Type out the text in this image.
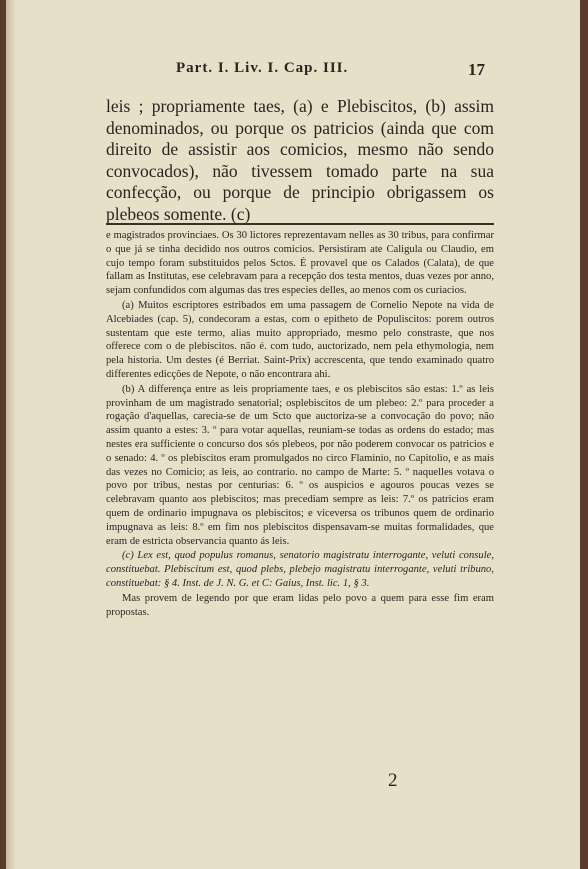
Part. I. Liv. I. Cap. III.	17

leis ; propriamente taes, (a) e Plebiscitos, (b) assim denominados, ou porque os patricios (ainda que com direito de assistir aos comicios, mesmo não sendo convocados), não tivessem tomado parte na sua confecção, ou porque de principio obrigassem os plebeos somente. (c)

e magistrados provinciaes. Os 30 lictores reprezentavam nelles as 30 tribus, para confirmar o que já se tinha decidido nos outros comicios. Persistiram ate Caligula ou Claudio, em cujo tempo foram substituidos pelos Sctos. É provavel que os Calados (Calata), de que fallam as Institutas, ese celebravam para a recepção dos testa mentos, duas vezes por anno, sejam confundidos com algumas das tres especies delles, ao menos com os curiacios.

(a) Muitos escriptores estribados em uma passagem de Cornelio Nepote na vida de Alcebiades (cap. 5), condecoram a estas, com o epitheto de Populiscitos: porem outros sustentam que este termo, alias muito appropriado, mesmo pelo constraste, que nos offerece com o de plebiscitos. não é. com tudo, auctorizado, nem pela ethymologia, nem pela historia. Um destes (é Berriat. Saint-Prix) accrescenta, que tendo examinado quatro differentes edicções de Nepote, o não encontrara ahi.

(b) A differença entre as leis propriamente taes, e os plebiscitos são estas: 1.º as leis provinham de um magistrado senatorial; osplebiscitos de um plebeo: 2.º para proceder a rogação d'aquellas, carecia-se de um Scto que auctoriza-se a convocação do povo; não assim quanto a estes: 3. º para votar aquellas, reuniam-se todas as ordens do estado; mas nestes era sufficiente o concurso dos sós plebeos, por não poderem convocar os patricios e o senado: 4. º os plebiscitos eram promulgados no circo Flaminio, no Capitolio, e as mais das vezes no Comicio; as leis, ao contrario. no campo de Marte: 5. º naquelles votava o povo por tribus, nestas por centurias: 6. º os auspicios e agouros poucas vezes se celebravam quanto aos plebiscitos; mas precediam sempre as leis: 7.º os patricios eram quem de ordinario impugnava os plebiscitos; e viceversa os tribunos quem de ordinario impugnava as leis: 8.º em fim nos plebiscitos dispensavam-se muitas formalidades, que eram de estricta observancia quanto ás leis.

(c) Lex est, quod populus romanus, senatorio magistratu interrogante, veluti consule, constituebat. Plebiscitum est, quod plebs, plebejo magistratu interrogante, veluti tribuno, constituebat: § 4. Inst. de J. N. G. et C: Gaius, Inst. lic. 1, § 3.

Mas provem de legendo por que eram lidas pelo povo a quem para esse fim eram propostas.

2
